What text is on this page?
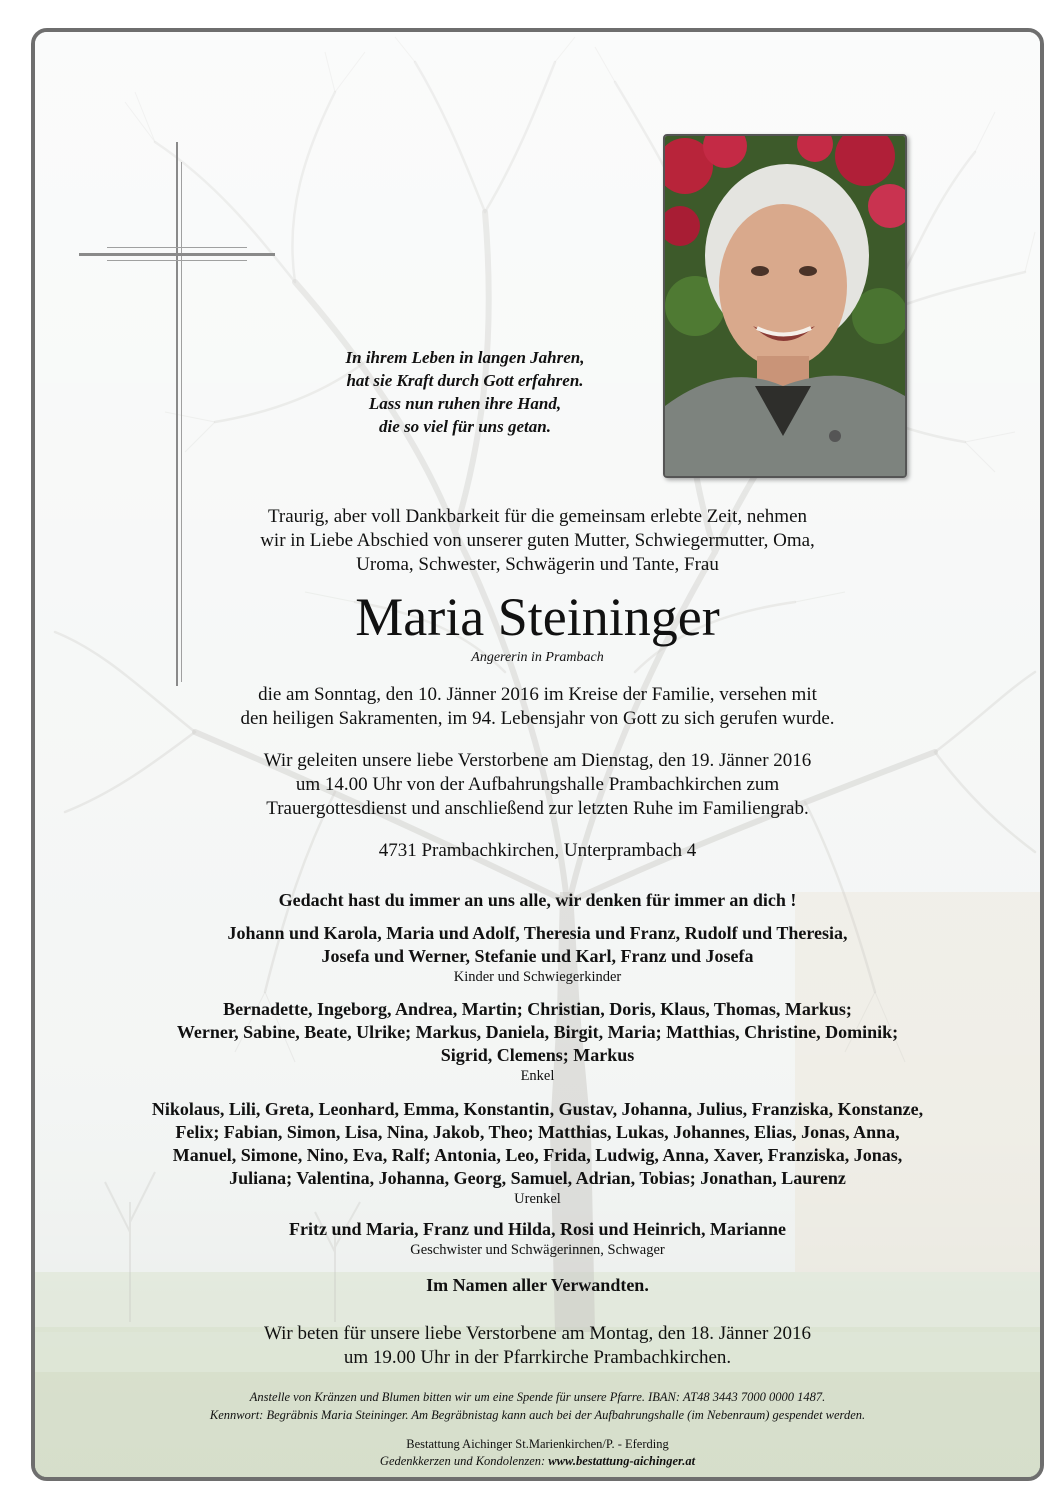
In ihrem Leben in langen Jahren,
hat sie Kraft durch Gott erfahren.
Lass nun ruhen ihre Hand,
die so viel für uns getan.
Traurig, aber voll Dankbarkeit für die gemeinsam erlebte Zeit, nehmen
wir in Liebe Abschied von unserer guten Mutter, Schwiegermutter, Oma,
Uroma, Schwester, Schwägerin und Tante, Frau
Maria Steininger
Angererin in Prambach
die am Sonntag, den 10. Jänner 2016 im Kreise der Familie, versehen mit
den heiligen Sakramenten, im 94. Lebensjahr von Gott zu sich gerufen wurde.
Wir geleiten unsere liebe Verstorbene am Dienstag, den 19. Jänner 2016
um 14.00 Uhr von der Aufbahrungshalle Prambachkirchen zum
Trauergottesdienst und anschließend zur letzten Ruhe im Familiengrab.
4731 Prambachkirchen, Unterprambach 4
Gedacht hast du immer an uns alle, wir denken für immer an dich !
Johann und Karola, Maria und Adolf, Theresia und Franz, Rudolf und Theresia,
Josefa und Werner, Stefanie und Karl, Franz und Josefa
Kinder und Schwiegerkinder
Bernadette, Ingeborg, Andrea, Martin; Christian, Doris, Klaus, Thomas, Markus;
Werner, Sabine, Beate, Ulrike; Markus, Daniela, Birgit, Maria; Matthias, Christine, Dominik;
Sigrid, Clemens; Markus
Enkel
Nikolaus, Lili, Greta, Leonhard, Emma, Konstantin, Gustav, Johanna, Julius, Franziska, Konstanze,
Felix; Fabian, Simon, Lisa, Nina, Jakob, Theo; Matthias, Lukas, Johannes, Elias, Jonas, Anna,
Manuel, Simone, Nino, Eva, Ralf; Antonia, Leo, Frida, Ludwig, Anna, Xaver, Franziska, Jonas,
Juliana; Valentina, Johanna, Georg, Samuel, Adrian, Tobias; Jonathan, Laurenz
Urenkel
Fritz und Maria, Franz und Hilda, Rosi und Heinrich, Marianne
Geschwister und Schwägerinnen, Schwager
Im Namen aller Verwandten.
Wir beten für unsere liebe Verstorbene am Montag, den 18. Jänner 2016
um 19.00 Uhr in der Pfarrkirche Prambachkirchen.
Anstelle von Kränzen und Blumen bitten wir um eine Spende für unsere Pfarre. IBAN: AT48 3443 7000 0000 1487.
Kennwort: Begräbnis Maria Steininger. Am Begräbnistag kann auch bei der Aufbahrungshalle (im Nebenraum) gespendet werden.
Bestattung Aichinger St.Marienkirchen/P. - Eferding
Gedenkkerzen und Kondolenzen: www.bestattung-aichinger.at
